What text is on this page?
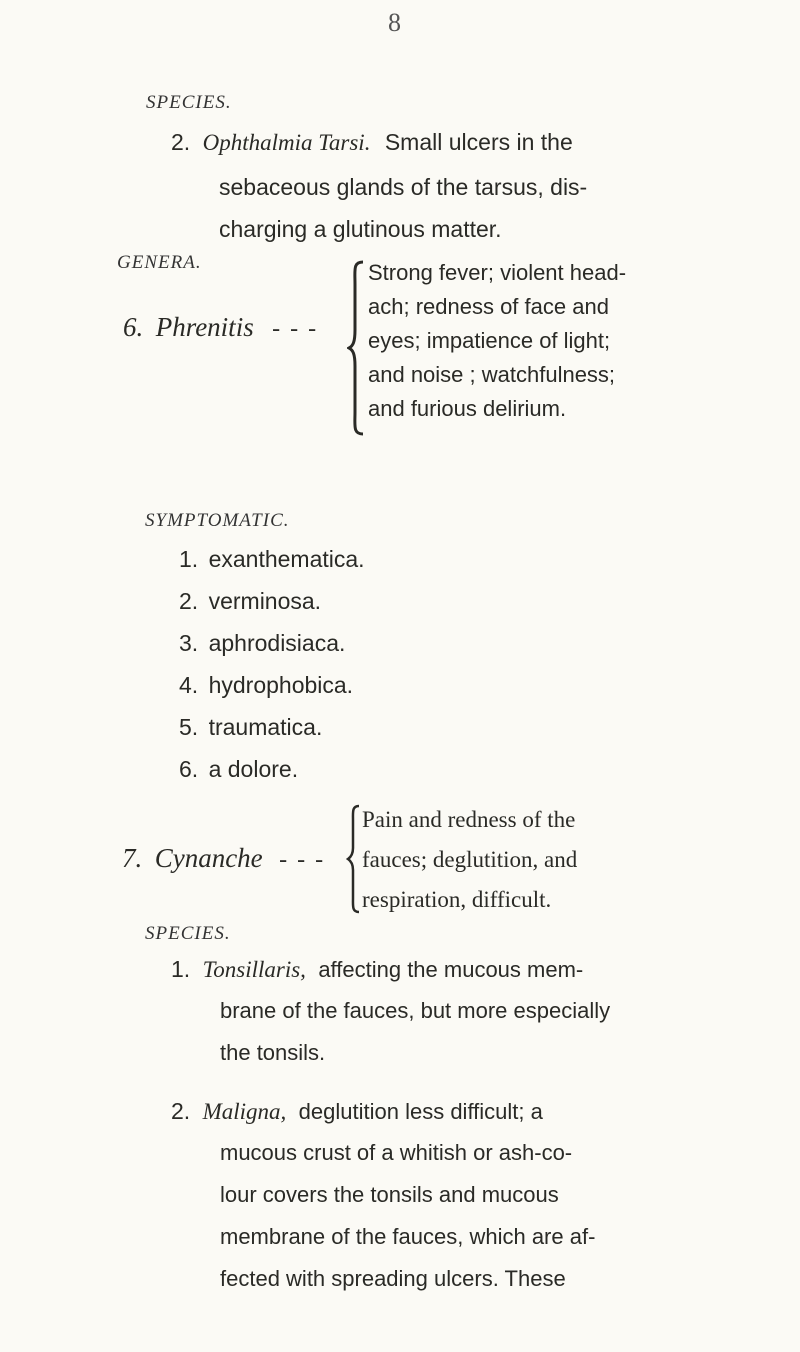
8
SPECIES.
2. Ophthalmia Tarsi. Small ulcers in the
sebaceous glands of the tarsus, dis-
charging a glutinous matter.
GENERA.
6. Phrenitis - - -
Strong fever; violent head-
ach; redness of face and
eyes; impatience of light;
and noise ; watchfulness;
and furious delirium.
SYMPTOMATIC.
1. exanthematica.
2. verminosa.
3. aphrodisiaca.
4. hydrophobica.
5. traumatica.
6. a dolore.
7. Cynanche - - -
Pain and redness of the
fauces; deglutition, and
respiration, difficult.
SPECIES.
1. Tonsillaris, affecting the mucous mem-
brane of the fauces, but more especially
the tonsils.
2. Maligna, deglutition less difficult; a
mucous crust of a whitish or ash-co-
lour covers the tonsils and mucous
membrane of the fauces, which are af-
fected with spreading ulcers. These
